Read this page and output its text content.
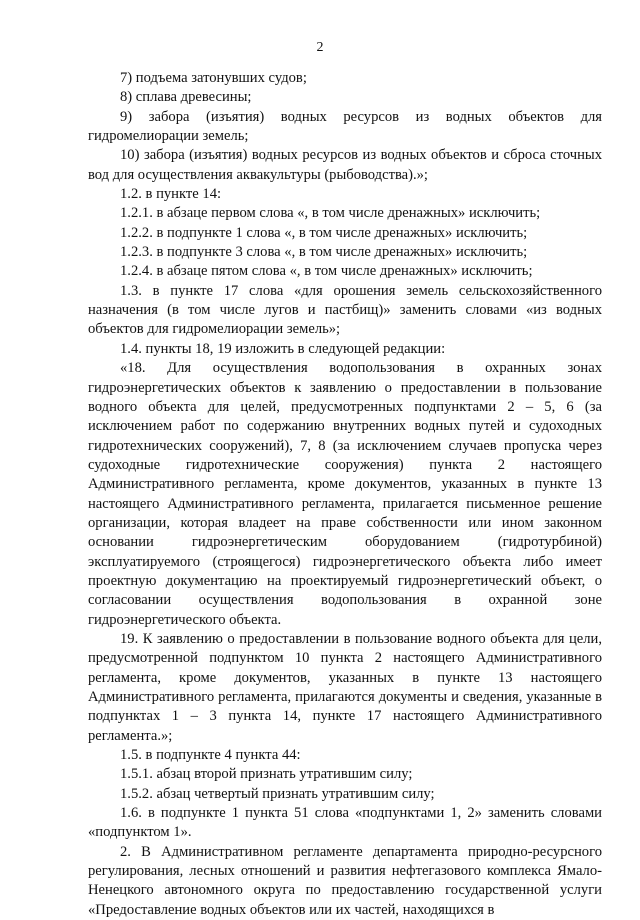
2

7) подъема затонувших судов;

8) сплава древесины;

9) забора (изъятия) водных ресурсов из водных объектов для гидромелиорации земель;

10) забора (изъятия) водных ресурсов из водных объектов и сброса сточных вод для осуществления аквакультуры (рыбоводства).»;

1.2. в пункте 14:

1.2.1. в абзаце первом слова «, в том числе дренажных» исключить;

1.2.2. в подпункте 1 слова «, в том числе дренажных» исключить;

1.2.3. в подпункте 3 слова «, в том числе дренажных» исключить;

1.2.4. в абзаце пятом слова «, в том числе дренажных» исключить;

1.3. в пункте 17 слова «для орошения земель сельскохозяйственного назначения (в том числе лугов и пастбищ)» заменить словами «из водных объектов для гидромелиорации земель»;

1.4. пункты 18, 19 изложить в следующей редакции:

«18. Для осуществления водопользования в охранных зонах гидроэнергетических объектов к заявлению о предоставлении в пользование водного объекта для целей, предусмотренных подпунктами 2 – 5, 6 (за исключением работ по содержанию внутренних водных путей и судоходных гидротехнических сооружений), 7, 8 (за исключением случаев пропуска через судоходные гидротехнические сооружения) пункта 2 настоящего Административного регламента, кроме документов, указанных в пункте 13 настоящего Административного регламента, прилагается письменное решение организации, которая владеет на праве собственности или ином законном основании гидроэнергетическим оборудованием (гидротурбиной) эксплуатируемого (строящегося) гидроэнергетического объекта либо имеет проектную документацию на проектируемый гидроэнергетический объект, о согласовании осуществления водопользования в охранной зоне гидроэнергетического объекта.

19. К заявлению о предоставлении в пользование водного объекта для цели, предусмотренной подпунктом 10 пункта 2 настоящего Административного регламента, кроме документов, указанных в пункте 13 настоящего Административного регламента, прилагаются документы и сведения, указанные в подпунктах 1 – 3 пункта 14, пункте 17 настоящего Административного регламента.»;

1.5. в подпункте 4 пункта 44:

1.5.1. абзац второй признать утратившим силу;

1.5.2. абзац четвертый признать утратившим силу;

1.6. в подпункте 1 пункта 51 слова «подпунктами 1, 2» заменить словами «подпунктом 1».

2. В Административном регламенте департамента природно-ресурсного регулирования, лесных отношений и развития нефтегазового комплекса Ямало-Ненецкого автономного округа по предоставлению государственной услуги «Предоставление водных объектов или их частей, находящихся в
